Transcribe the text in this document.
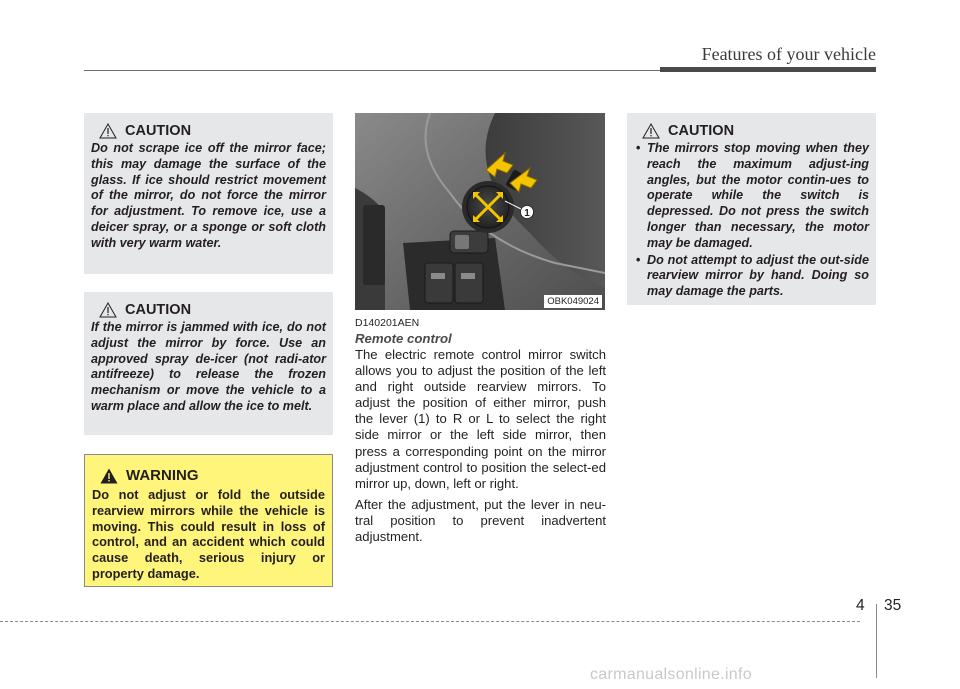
Features of your vehicle
CAUTION
Do not scrape ice off the mirror face; this may damage the surface of the glass. If ice should restrict movement of the mirror, do not force the mirror for adjustment. To remove ice, use a deicer spray, or a sponge or soft cloth with very warm water.
CAUTION
If the mirror is jammed with ice, do not adjust the mirror by force. Use an approved spray de-icer (not radi-ator antifreeze) to release the frozen mechanism or move the vehicle to a warm place and allow the ice to melt.
WARNING
Do not adjust or fold the outside rearview mirrors while the vehicle is moving. This could result in loss of control, and an accident which could cause death, serious injury or property damage.
1
OBK049024
D140201AEN
Remote control

The electric remote control mirror switch allows you to adjust the position of the left and right outside rearview mirrors. To adjust the position of either mirror, push the lever (1) to R or L to select the right side mirror or the left side mirror, then press a corresponding point on the mirror adjustment control to position the select-ed mirror up, down, left or right.

After the adjustment, put the lever in neu-tral position to prevent inadvertent adjustment.

CAUTION
• The mirrors stop moving when they reach the maximum adjust-ing angles, but the motor contin-ues to operate while the switch is depressed. Do not press the switch longer than necessary, the motor may be damaged.
• Do not attempt to adjust the out-side rearview mirror by hand. Doing so may damage the parts.
4 35
carmanualsonline.info
